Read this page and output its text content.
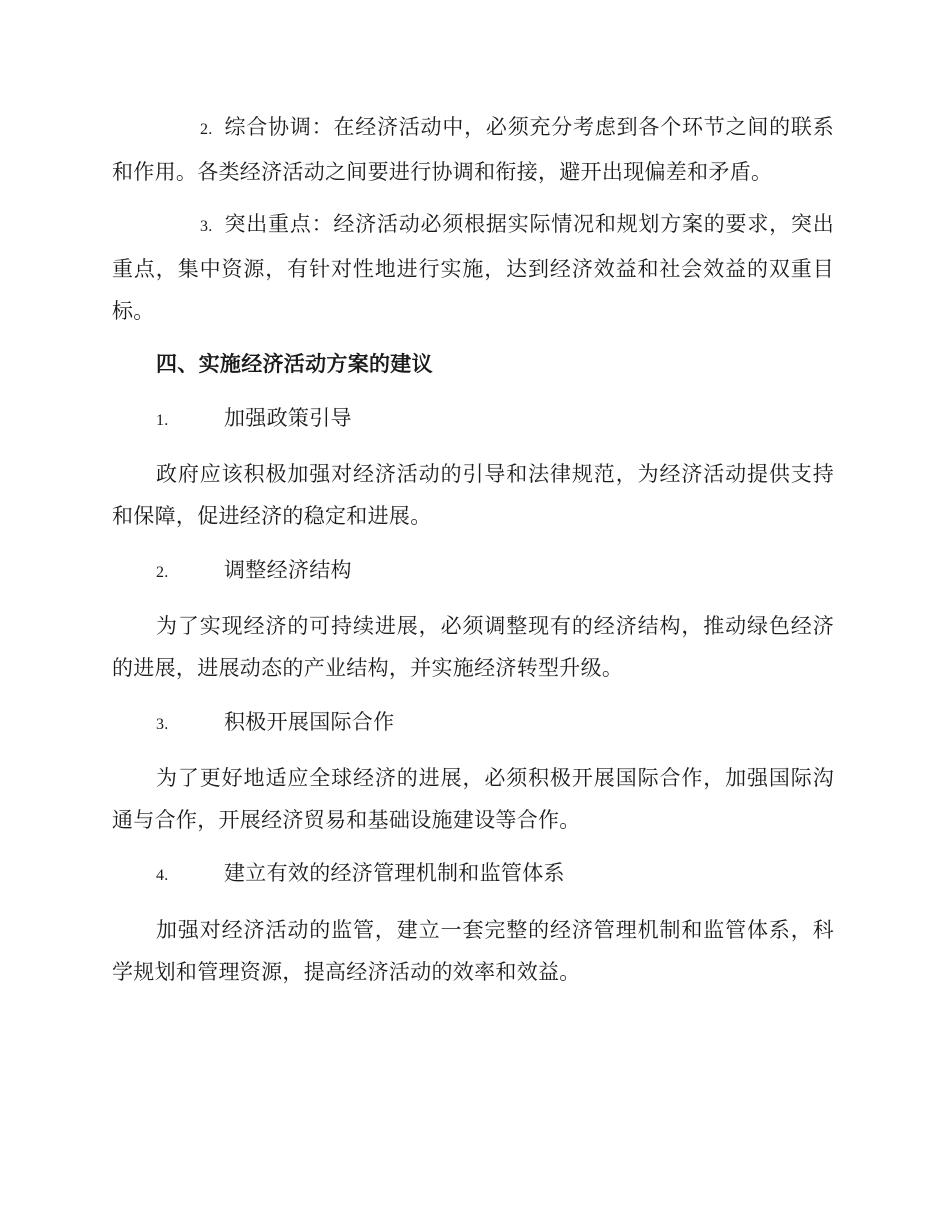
2. 综合协调：在经济活动中，必须充分考虑到各个环节之间的联系和作用。各类经济活动之间要进行协调和衔接，避开出现偏差和矛盾。

3. 突出重点：经济活动必须根据实际情况和规划方案的要求，突出重点，集中资源，有针对性地进行实施，达到经济效益和社会效益的双重目标。

四、实施经济活动方案的建议

1.	加强政策引导

政府应该积极加强对经济活动的引导和法律规范，为经济活动提供支持和保障，促进经济的稳定和进展。

2.	调整经济结构

为了实现经济的可持续进展，必须调整现有的经济结构，推动绿色经济的进展，进展动态的产业结构，并实施经济转型升级。

3.	积极开展国际合作

为了更好地适应全球经济的进展，必须积极开展国际合作，加强国际沟通与合作，开展经济贸易和基础设施建设等合作。

4.	建立有效的经济管理机制和监管体系

加强对经济活动的监管，建立一套完整的经济管理机制和监管体系，科学规划和管理资源，提高经济活动的效率和效益。
